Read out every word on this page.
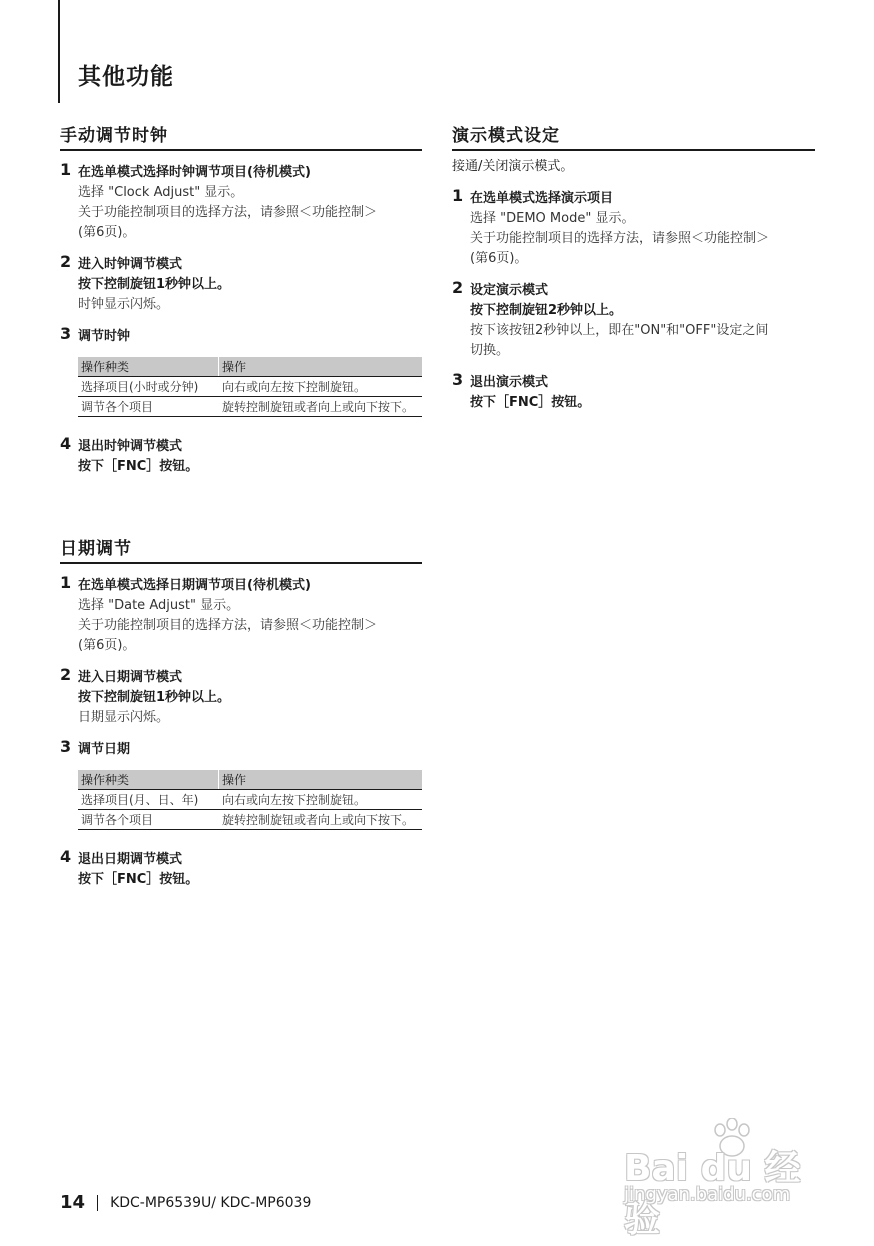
其他功能
手动调节时钟
1 在选单模式选择时钟调节项目(待机模式)
选择 "Clock Adjust" 显示。
关于功能控制项目的选择方法，请参照＜功能控制＞
(第6页)。
2 进入时钟调节模式
按下控制旋钮1秒钟以上。
时钟显示闪烁。
3 调节时钟
操作种类	操作
选择项目(小时或分钟)	向右或向左按下控制旋钮。
调节各个项目	旋转控制旋钮或者向上或向下按下。
4 退出时钟调节模式
按下［FNC］按钮。
日期调节
1 在选单模式选择日期调节项目(待机模式)
选择 "Date Adjust" 显示。
关于功能控制项目的选择方法，请参照＜功能控制＞
(第6页)。
2 进入日期调节模式
按下控制旋钮1秒钟以上。
日期显示闪烁。
3 调节日期
操作种类	操作
选择项目(月、日、年)	向右或向左按下控制旋钮。
调节各个项目	旋转控制旋钮或者向上或向下按下。
4 退出日期调节模式
按下［FNC］按钮。
演示模式设定
接通/关闭演示模式。
1 在选单模式选择演示项目
选择 "DEMO Mode" 显示。
关于功能控制项目的选择方法，请参照＜功能控制＞
(第6页)。
2 设定演示模式
按下控制旋钮2秒钟以上。
按下该按钮2秒钟以上，即在"ON"和"OFF"设定之间
切换。
3 退出演示模式
按下［FNC］按钮。
14 KDC-MP6539U/ KDC-MP6039
Bai du 经验
jingyan.baidu.com
